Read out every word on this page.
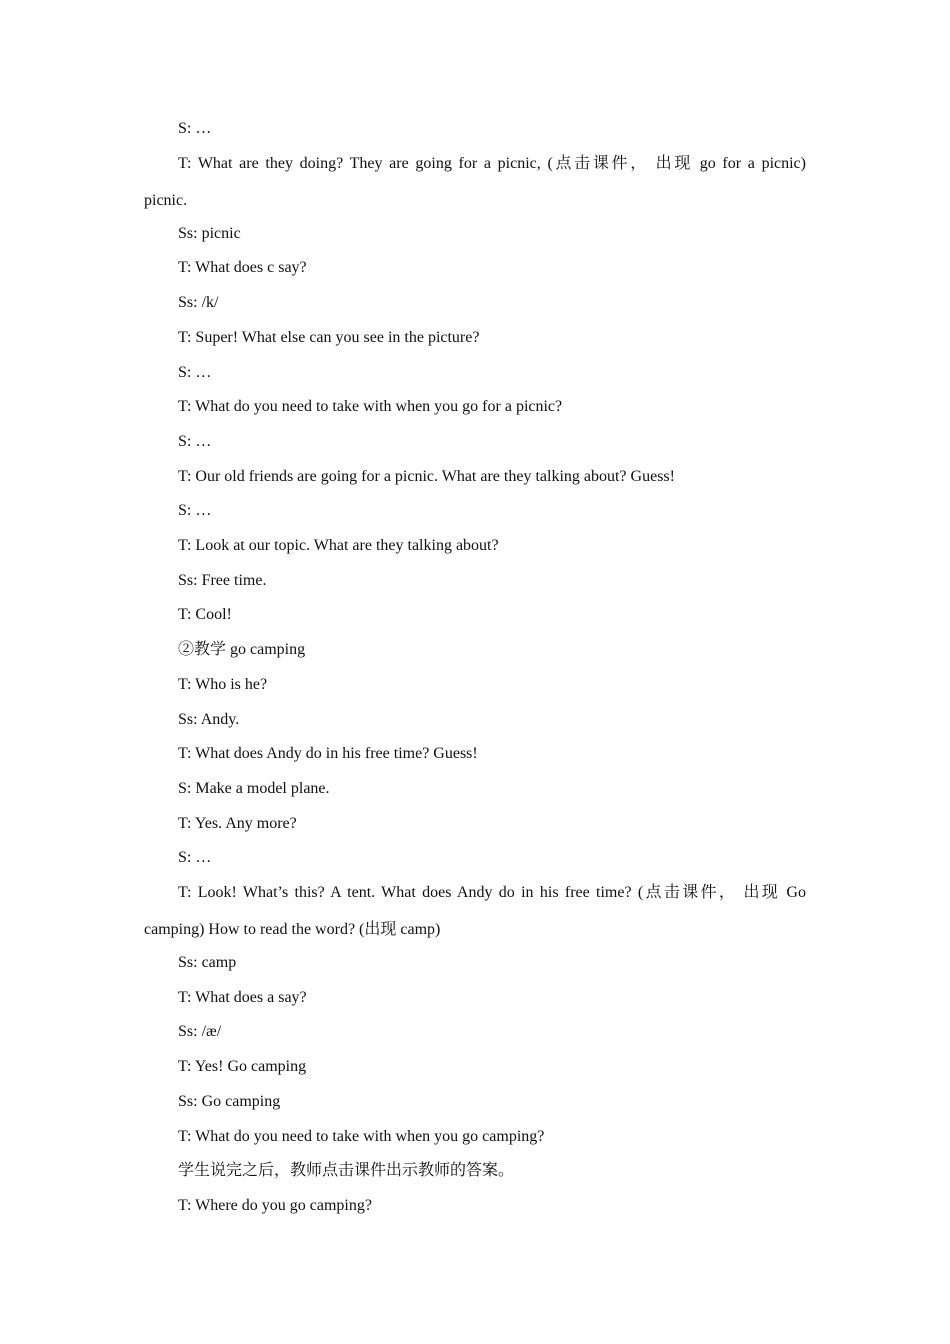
S: …

T: What are they doing? They are going for a picnic, (点击课件， 出现 go for a picnic)
picnic.

Ss: picnic

T: What does c say?

Ss: /k/

T: Super! What else can you see in the picture?

S: …

T: What do you need to take with when you go for a picnic?

S: …

T: Our old friends are going for a picnic. What are they talking about? Guess!

S: …

T: Look at our topic. What are they talking about?

Ss: Free time.

T: Cool!

②教学 go camping

T: Who is he?

Ss: Andy.

T: What does Andy do in his free time? Guess!

S: Make a model plane.

T: Yes. Any more?

S: …

T: Look! What’s this? A tent. What does Andy do in his free time? (点击课件， 出现 Go
camping) How to read the word? (出现 camp)

Ss: camp

T: What does a say?

Ss: /æ/

T: Yes! Go camping

Ss: Go camping

T: What do you need to take with when you go camping?

学生说完之后，教师点击课件出示教师的答案。

T: Where do you go camping?
